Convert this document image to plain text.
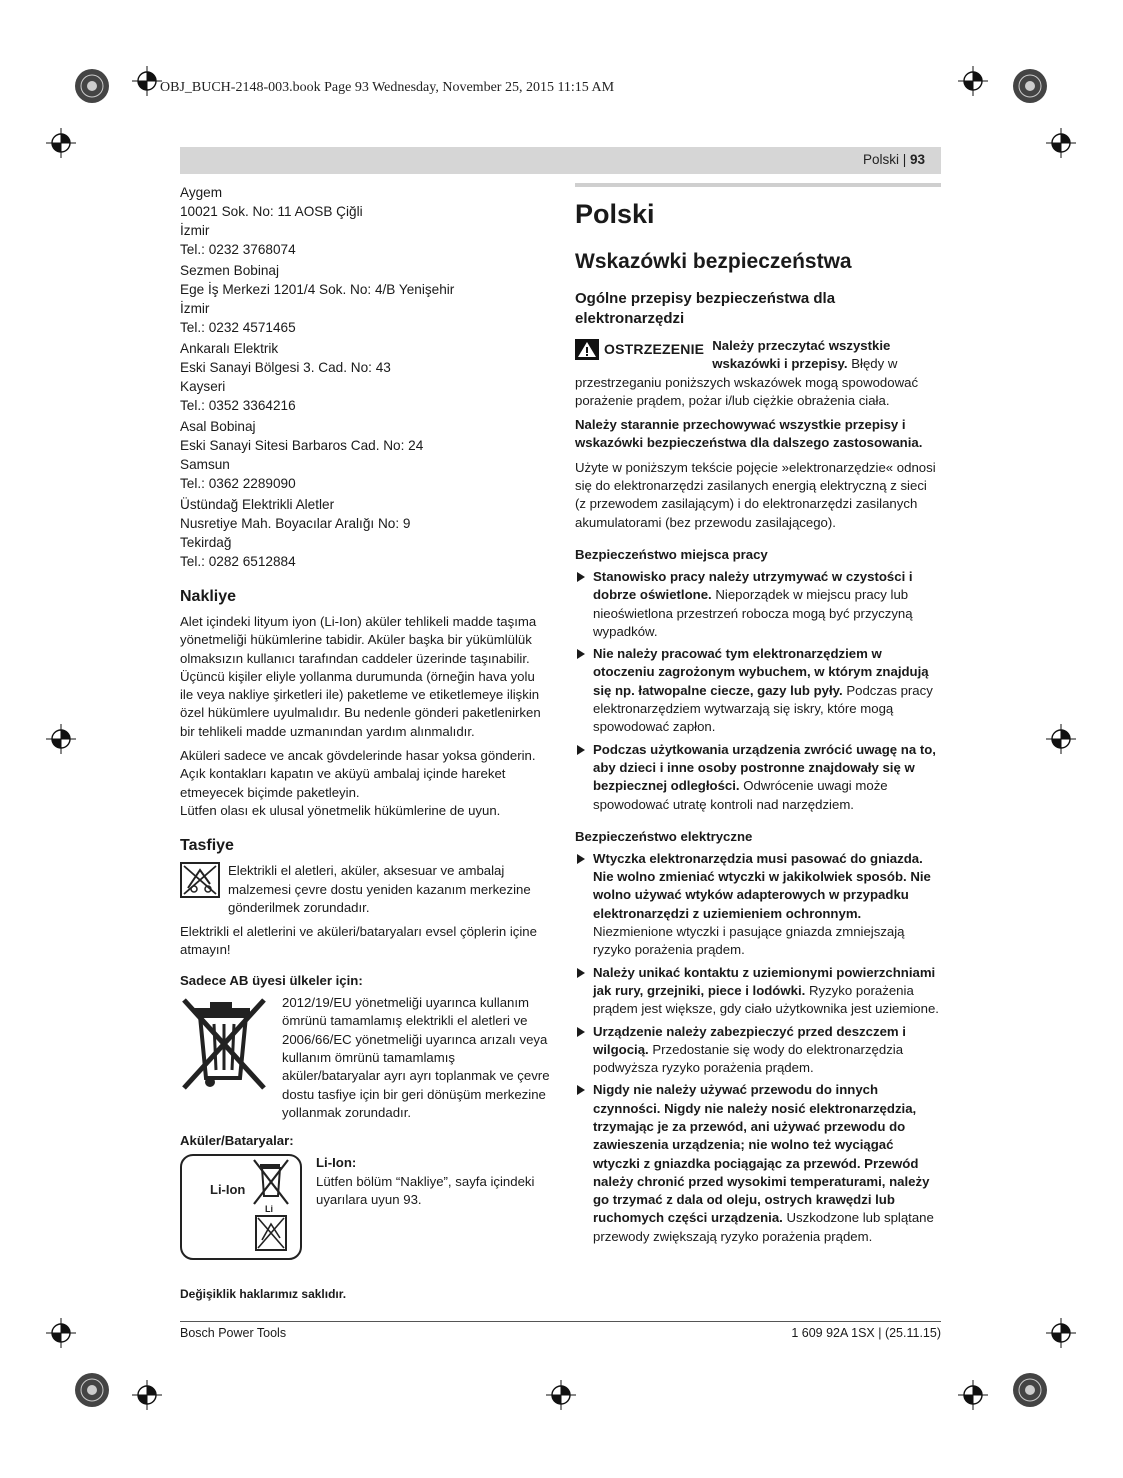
OBJ_BUCH-2148-003.book Page 93 Wednesday, November 25, 2015 11:15 AM
Polski | 93
Aygem
10021 Sok. No: 11 AOSB Çiğli
İzmir
Tel.: 0232 3768074
Sezmen Bobinaj
Ege İş Merkezi 1201/4 Sok. No: 4/B Yenişehir
İzmir
Tel.: 0232 4571465
Ankaralı Elektrik
Eski Sanayi Bölgesi 3. Cad. No: 43
Kayseri
Tel.: 0352 3364216
Asal Bobinaj
Eski Sanayi Sitesi Barbaros Cad. No: 24
Samsun
Tel.: 0362 2289090
Üstündağ Elektrikli Aletler
Nusretiye Mah. Boyacılar Aralığı No: 9
Tekirdağ
Tel.: 0282 6512884
Nakliye

Alet içindeki lityum iyon (Li-Ion) aküler tehlikeli madde taşıma yönetmeliği hükümlerine tabidir. Aküler başka bir yükümlülük olmaksızın kullanıcı tarafından caddeler üzerinde taşınabilir. Üçüncü kişiler eliyle yollanma durumunda (örneğin hava yolu ile veya nakliye şirketleri ile) paketleme ve etiketlemeye ilişkin özel hükümlere uyulmalıdır. Bu nedenle gönderi paketlenirken bir tehlikeli madde uzmanından yardım alınmalıdır.

Aküleri sadece ve ancak gövdelerinde hasar yoksa gönderin. Açık kontakları kapatın ve aküyü ambalaj içinde hareket etmeyecek biçimde paketleyin.

Lütfen olası ek ulusal yönetmelik hükümlerine de uyun.

Tasfiye
Elektrikli el aletleri, aküler, aksesuar ve ambalaj malzemesi çevre dostu yeniden kazanım merkezine gönderilmek zorundadır.

Elektrikli el aletlerini ve aküleri/bataryaları evsel çöplerin içine atmayın!

Sadece AB üyesi ülkeler için:
2012/19/EU yönetmeliği uyarınca kullanım ömrünü tamamlamış elektrikli el aletleri ve 2006/66/EC yönetmeliği uyarınca arızalı veya kullanım ömrünü tamamlamış aküler/bataryalar ayrı ayrı toplanmak ve çevre dostu tasfiye için bir geri dönüşüm merkezine yollanmak zorundadır.
Aküler/Bataryalar:
Li-Ion
Li
Li-Ion:
Lütfen bölüm “Nakliye”, sayfa içindeki uyarılara uyun 93.
Polski
Wskazówki bezpieczeństwa
Ogólne przepisy bezpieczeństwa dla elektronarzędzi
OSTRZEZENIE Należy przeczytać wszystkie wskazówki i przepisy. Błędy w przestrzeganiu poniższych wskazówek mogą spowodować porażenie prądem, pożar i/lub ciężkie obrażenia ciała.

Należy starannie przechowywać wszystkie przepisy i wskazówki bezpieczeństwa dla dalszego zastosowania.

Użyte w poniższym tekście pojęcie »elektronarzędzie« odnosi się do elektronarzędzi zasilanych energią elektryczną z sieci (z przewodem zasilającym) i do elektronarzędzi zasilanych akumulatorami (bez przewodu zasilającego).

Bezpieczeństwo miejsca pracy
Stanowisko pracy należy utrzymywać w czystości i dobrze oświetlone. Nieporządek w miejscu pracy lub nieoświetlona przestrzeń robocza mogą być przyczyną wypadków.
Nie należy pracować tym elektronarzędziem w otoczeniu zagrożonym wybuchem, w którym znajdują się np. łatwopalne ciecze, gazy lub pyły. Podczas pracy elektronarzędziem wytwarzają się iskry, które mogą spowodować zapłon.
Podczas użytkowania urządzenia zwrócić uwagę na to, aby dzieci i inne osoby postronne znajdowały się w bezpiecznej odległości. Odwrócenie uwagi może spowodować utratę kontroli nad narzędziem.
Bezpieczeństwo elektryczne
Wtyczka elektronarzędzia musi pasować do gniazda. Nie wolno zmieniać wtyczki w jakikolwiek sposób. Nie wolno używać wtyków adapterowych w przypadku elektronarzędzi z uziemieniem ochronnym. Niezmienione wtyczki i pasujące gniazda zmniejszają ryzyko porażenia prądem.
Należy unikać kontaktu z uziemionymi powierzchniami jak rury, grzejniki, piece i lodówki. Ryzyko porażenia prądem jest większe, gdy ciało użytkownika jest uziemione.
Urządzenie należy zabezpieczyć przed deszczem i wilgocią. Przedostanie się wody do elektronarzędzia podwyższa ryzyko porażenia prądem.
Nigdy nie należy używać przewodu do innych czynności. Nigdy nie należy nosić elektronarzędzia, trzymając je za przewód, ani używać przewodu do zawieszenia urządzenia; nie wolno też wyciągać wtyczki z gniazdka pociągając za przewód. Przewód należy chronić przed wysokimi temperaturami, należy go trzymać z dala od oleju, ostrych krawędzi lub ruchomych części urządzenia. Uszkodzone lub splątane przewody zwiększają ryzyko porażenia prądem.
Değişiklik haklarımız saklıdır.
Bosch Power Tools	1 609 92A 1SX | (25.11.15)
